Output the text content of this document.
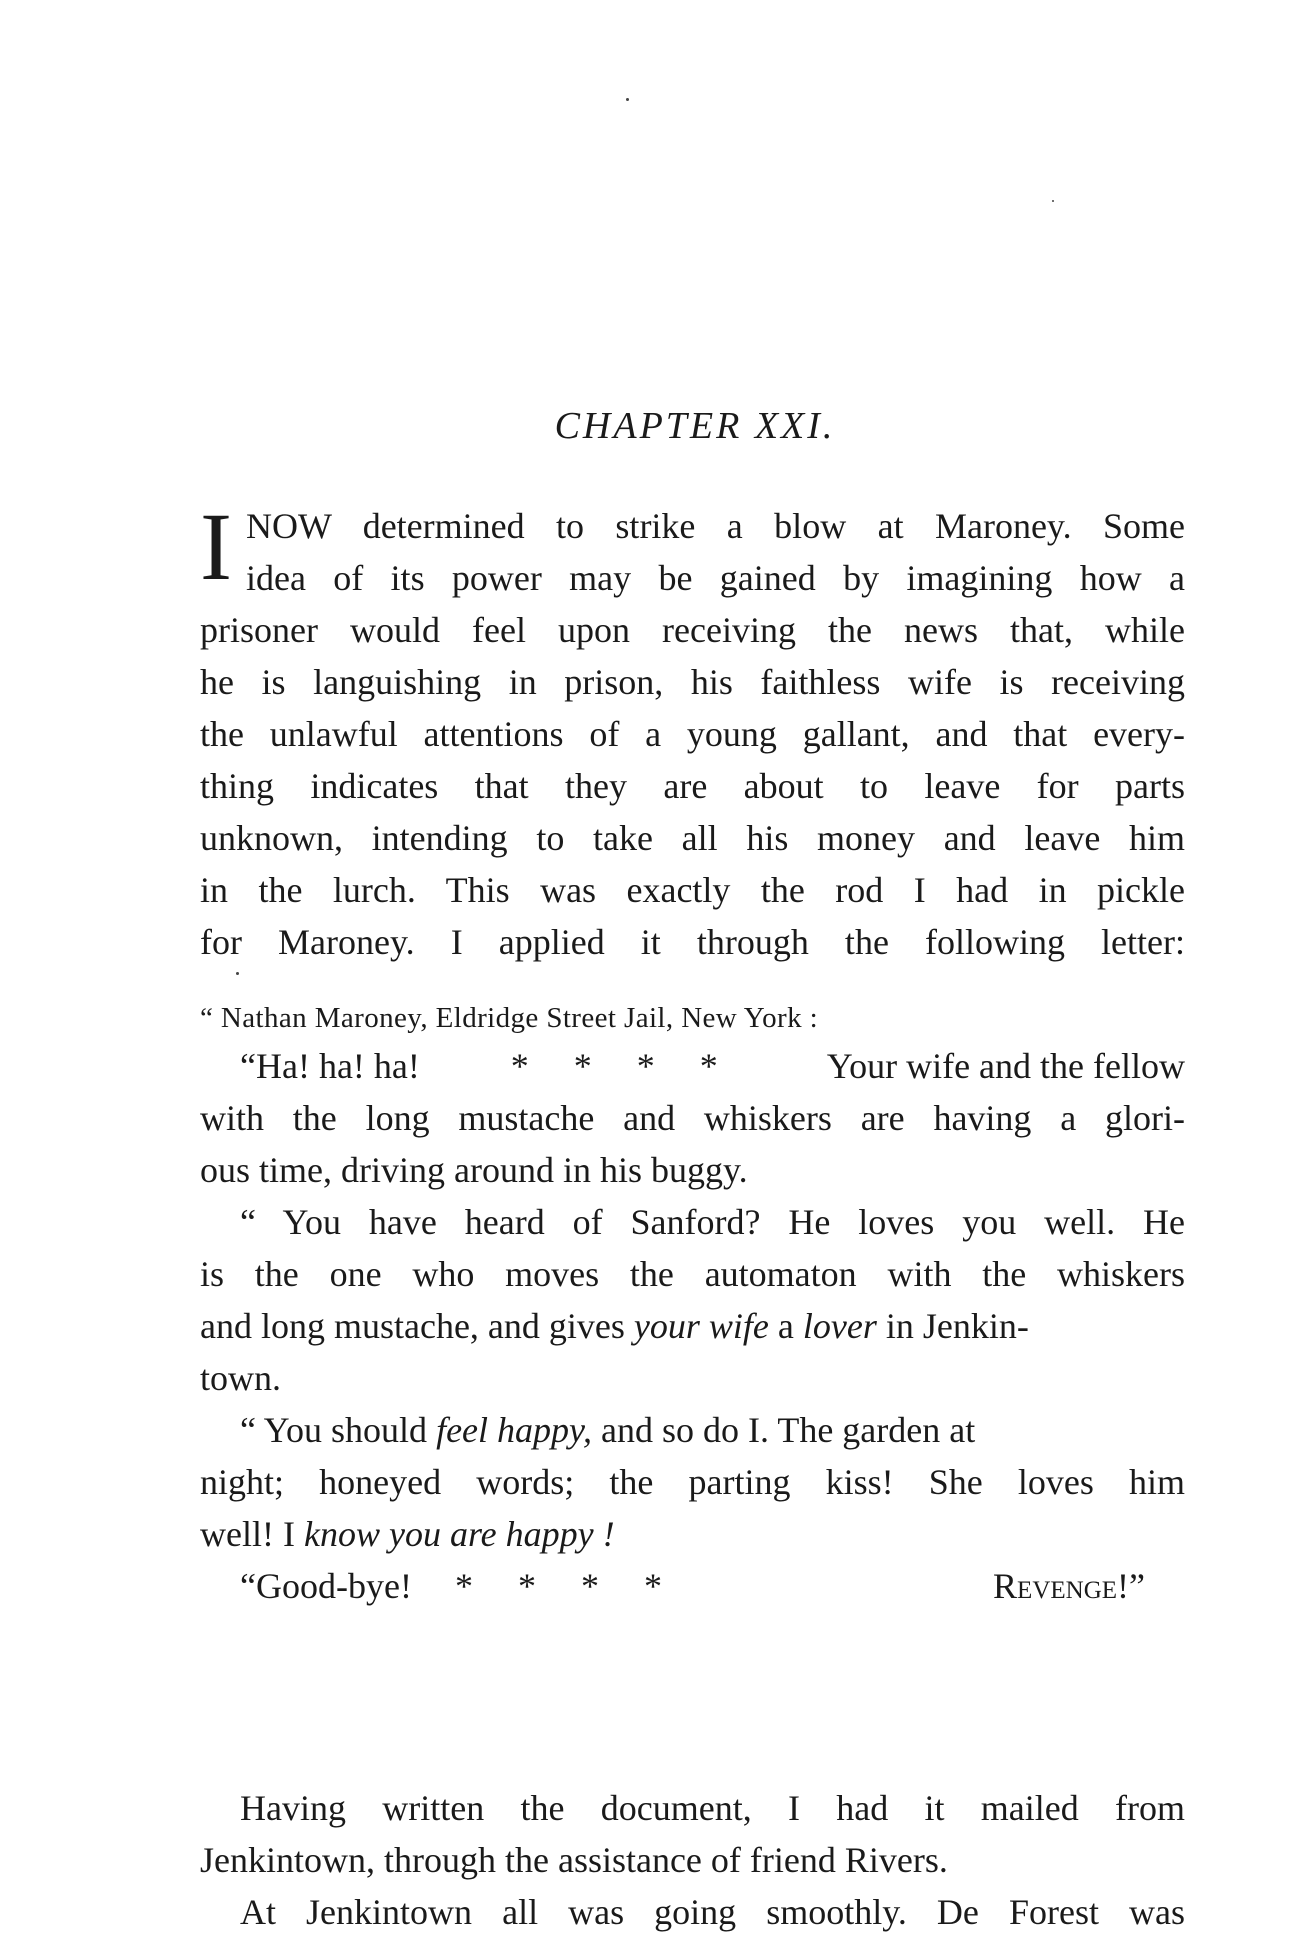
CHAPTER XXI.
I NOW determined to strike a blow at Maroney. Some
idea of its power may be gained by imagining how a
prisoner would feel upon receiving the news that, while
he is languishing in prison, his faithless wife is receiving
the unlawful attentions of a young gallant, and that every-
thing indicates that they are about to leave for parts
unknown, intending to take all his money and leave him
in the lurch. This was exactly the rod I had in pickle
for Maroney. I applied it through the following letter:
“ Nathan Maroney, Eldridge Street Jail, New York :
“Ha! ha! ha!	* * * *	Your wife and the fellow
with the long mustache and whiskers are having a glori-
ous time, driving around in his buggy.
“ You have heard of Sanford? He loves you well. He
is the one who moves the automaton with the whiskers
and long mustache, and gives your wife a lover in Jenkin-
town.
“ You should feel happy, and so do I. The garden at
night; honeyed words; the parting kiss! She loves him
well! I know you are happy !
“Good-bye! * * * *	Revenge!”
Having written the document, I had it mailed from
Jenkintown, through the assistance of friend Rivers.
At Jenkintown all was going smoothly. De Forest was
